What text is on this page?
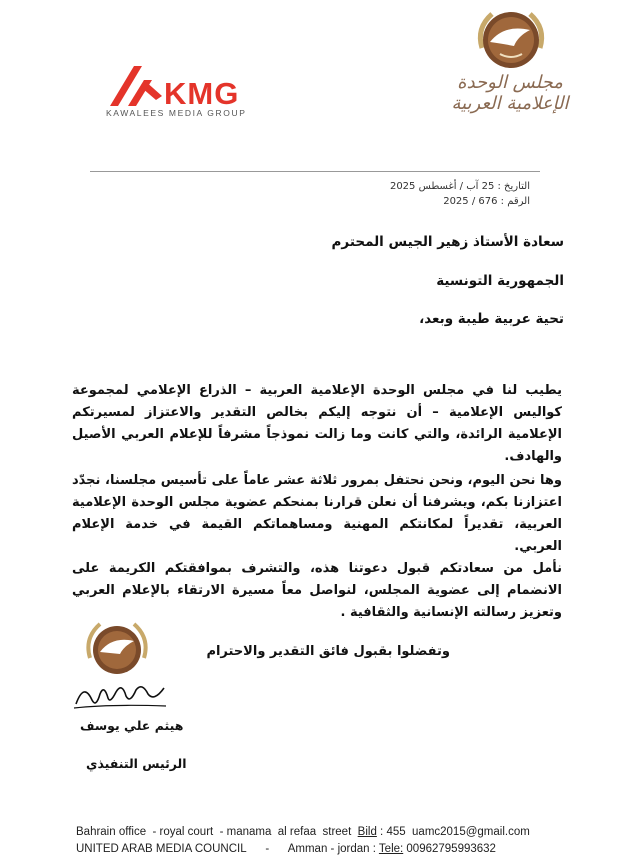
KMG
KAWALEES MEDIA GROUP
مجلس الوحدة الإعلامية العربية
التاريخ : 25 آب / أغسطس 2025
الرقم : 676 / 2025
سعادة الأستاذ زهير الجيس المحترم
الجمهورية التونسية
تحية عربية طيبة وبعد،
يطيب لنا في مجلس الوحدة الإعلامية العربية – الذراع الإعلامي لمجموعة كواليس الإعلامية – أن نتوجه إليكم بخالص التقدير والاعتزاز لمسيرتكم الإعلامية الرائدة، والتي كانت وما زالت نموذجاً مشرفاً للإعلام العربي الأصيل والهادف.
وها نحن اليوم، ونحن نحتفل بمرور ثلاثة عشر عاماً على تأسيس مجلسنا، نجدّد اعتزازنا بكم، ويشرفنا أن نعلن قرارنا بمنحكم عضوية مجلس الوحدة الإعلامية العربية، تقديراً لمكانتكم المهنية ومساهماتكم القيمة في خدمة الإعلام العربي.
نأمل من سعادتكم قبول دعوتنا هذه، والتشرف بموافقتكم الكريمة على الانضمام إلى عضوية المجلس، لنواصل معاً مسيرة الارتقاء بالإعلام العربي وتعزيز رسالته الإنسانية والثقافية .
وتفضلوا بقبول فائق التقدير والاحترام
هيثم علي يوسف
الرئيس التنفيذي
Bahrain office  - royal court  - manama  al refaa  street  Bild : 455  uamc2015@gmail.com
UNITED ARAB MEDIA COUNCIL      -      Amman - jordan : Tele: 00962795993632
